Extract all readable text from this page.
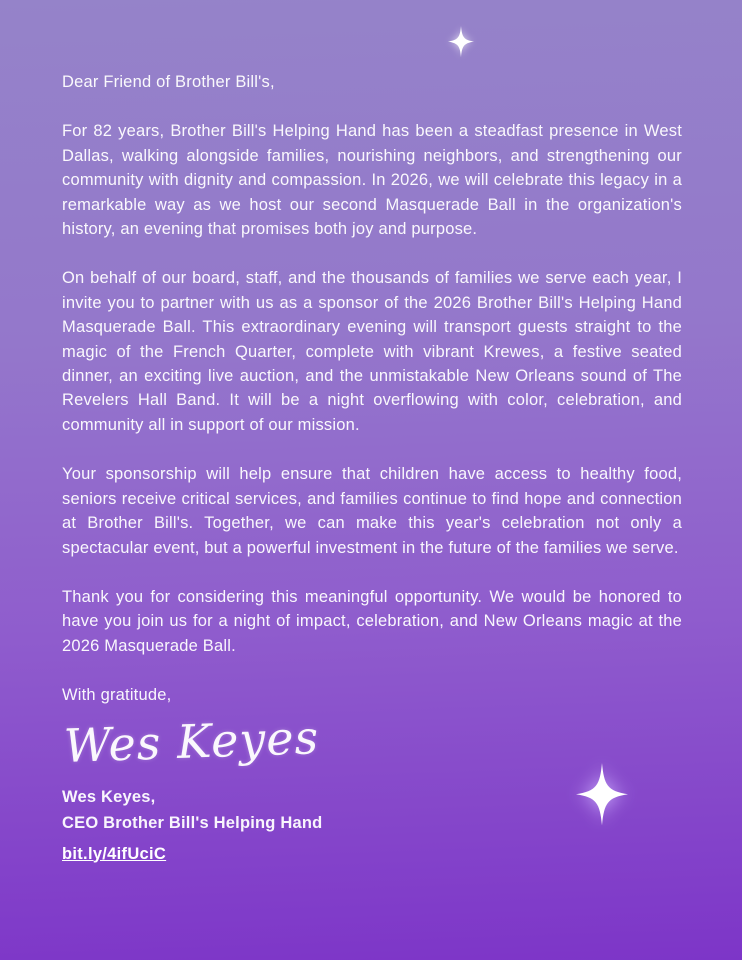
Dear Friend of Brother Bill's,

For 82 years, Brother Bill's Helping Hand has been a steadfast presence in West Dallas, walking alongside families, nourishing neighbors, and strengthening our community with dignity and compassion. In 2026, we will celebrate this legacy in a remarkable way as we host our second Masquerade Ball in the organization's history, an evening that promises both joy and purpose.

On behalf of our board, staff, and the thousands of families we serve each year, I invite you to partner with us as a sponsor of the 2026 Brother Bill's Helping Hand Masquerade Ball. This extraordinary evening will transport guests straight to the magic of the French Quarter, complete with vibrant Krewes, a festive seated dinner, an exciting live auction, and the unmistakable New Orleans sound of The Revelers Hall Band. It will be a night overflowing with color, celebration, and community all in support of our mission.

Your sponsorship will help ensure that children have access to healthy food, seniors receive critical services, and families continue to find hope and connection at Brother Bill's. Together, we can make this year's celebration not only a spectacular event, but a powerful investment in the future of the families we serve.

Thank you for considering this meaningful opportunity. We would be honored to have you join us for a night of impact, celebration, and New Orleans magic at the 2026 Masquerade Ball.

With gratitude,

Wes Keyes

Wes Keyes,

CEO Brother Bill's Helping Hand

bit.ly/4ifUciC
